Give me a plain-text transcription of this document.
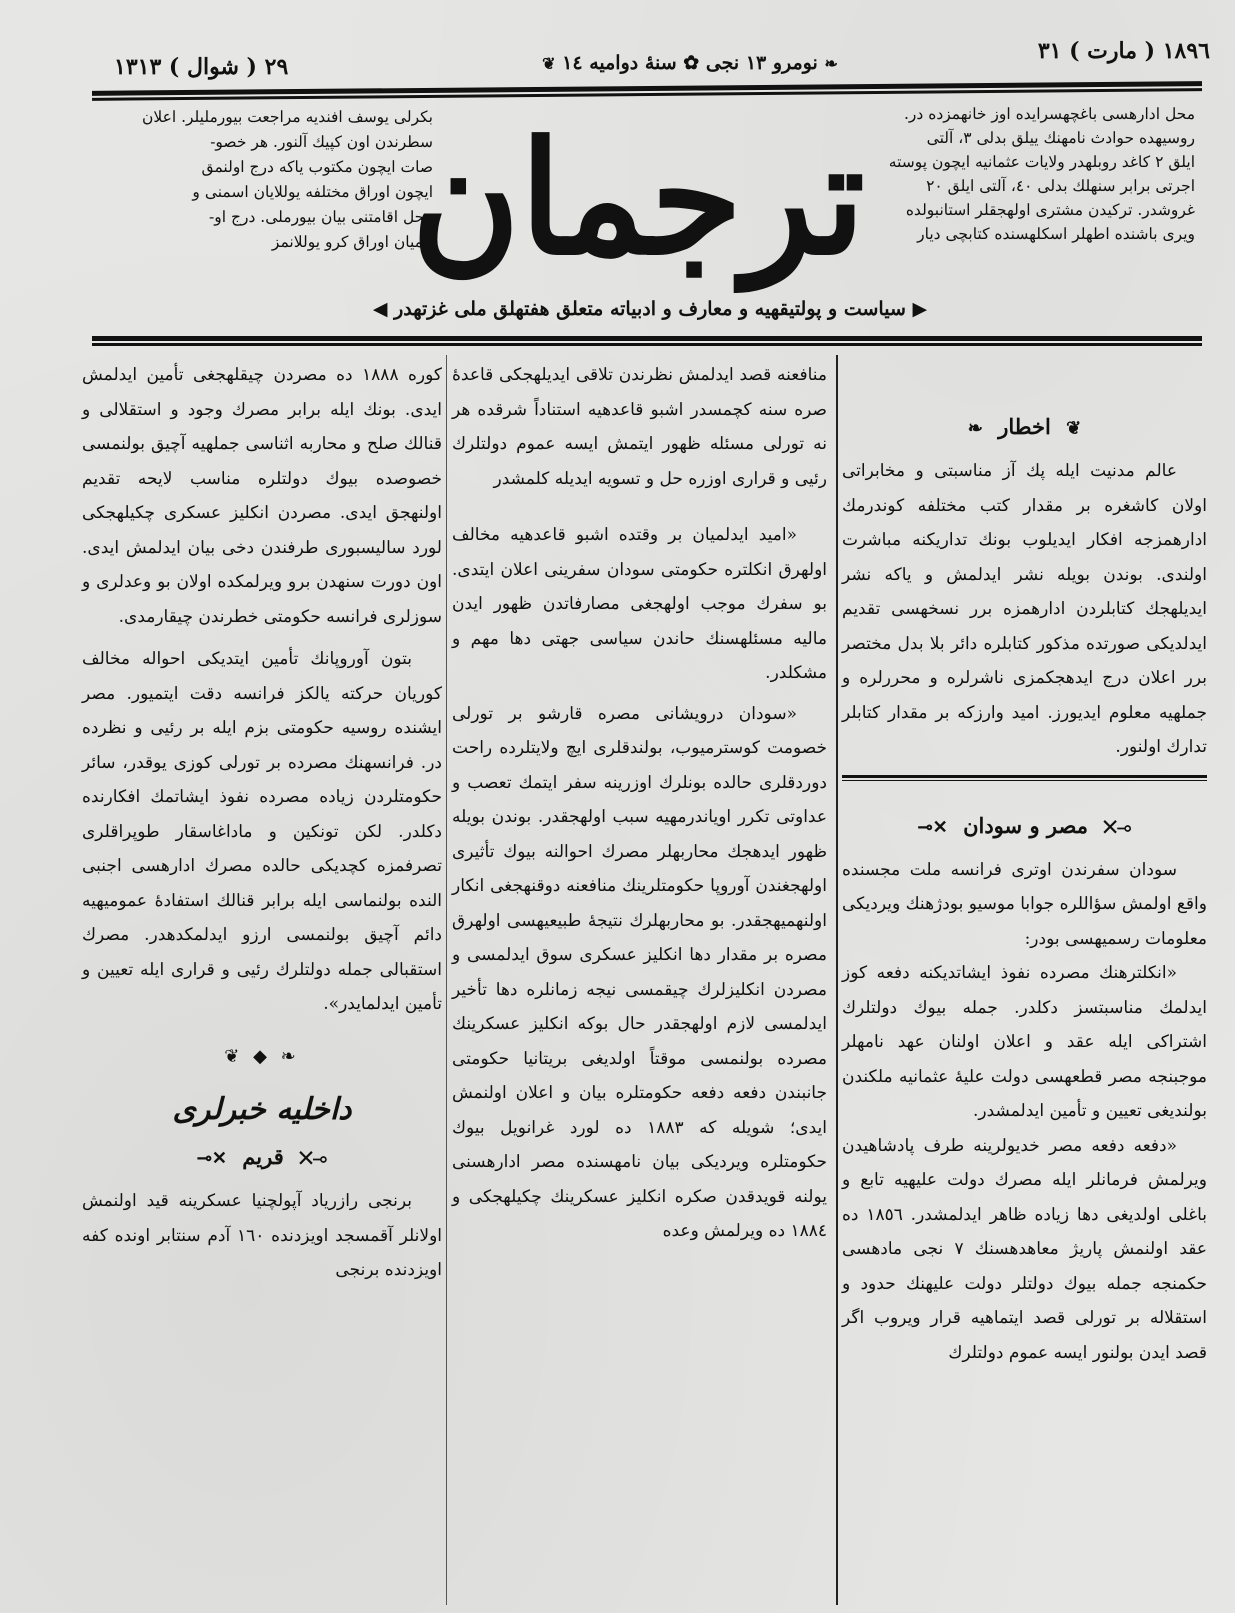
١٨٩٦ ( مارت ) ٣١
❧ نومرو ١٣ نجى ✿ سنهٔ دواميه ١٤ ❦
٢٩ ( شوال ) ١٣١٣
محل ادارهسی باغچهسرایده اوز خانهمزده در.
روسیهده حوادث نامهنك ییلق بدلی ٣، آلتی
ایلق ٢ كاغد روبلهدر ولایات عثمانیه ایچون پوسته
اجرتی برابر سنهلك بدلی ٤٠، آلتی ایلق ٢٠
غروشدر. تركیدن مشتری اولهجقلر استانبولده
ویری باشنده اطهلر اسكلهسنده كتابچی دیار
ترجمان
بكرلی یوسف افندیه مراجعت بیورملیلر. اعلان
سطرندن اون كپیك آلنور. هر خصو-
صات ایچون مكتوب یاكه درج اولنمق
ایچون اوراق مختلفه یوللایان اسمنی و
محل اقامتنی بیان بیورملی. درج او-
لنمیان اوراق كرو یوللانمز
▶ سیاست و پولتیقهیه و معارف و ادبیاته متعلق هفتهلق ملی غزتهدر ◀
❦ اخطار ❧

عالم مدنیت ایله پك آز مناسبتی و مخابراتی اولان كاشغره بر مقدار كتب مختلفه كوندرمك ادارهمزجه افكار ایدیلوب بونك تداریكنه مباشرت اولندی. بوندن بویله نشر ایدلمش و یاكه نشر ایدیلهجك كتابلردن ادارهمزه برر نسخهسی تقدیم ایدلدیكی صورتده مذكور كتابلره دائر بلا بدل مختصر برر اعلان درج ایدهجكمزی ناشرلره و محررلره و جملهیه معلوم ایدیورز. امید وارزكه بر مقدار كتابلر تدارك اولنور.

⟜✕ مصر و سودان ✕⊸

سودان سفرندن اوتری فرانسه ملت مجسنده واقع اولمش سؤاللره جوابا موسیو بودژهنك ویردیكی معلومات رسمیهسی بودر:

«انكلترهنك مصرده نفوذ ایشاتدیكنه دفعه كوز ایدلمك مناسبتسز دكلدر. جمله بیوك دولتلرك اشتراكی ایله عقد و اعلان اولنان عهد نامهلر موجبنجه مصر قطعهسی دولت علیهٔ عثمانیه ملكندن بولندیغی تعیین و تأمین ایدلمشدر.

«دفعه دفعه مصر خدیولرینه طرف پادشاهیدن ویرلمش فرمانلر ایله مصرك دولت علیهیه تابع و باغلی اولدیغی دها زیاده ظاهر ایدلمشدر. ١٨٥٦ ده عقد اولنمش پاریژ معاهدهسنك ٧ نجی مادهسی حكمنجه جمله بیوك دولتلر دولت علیهنك حدود و استقلاله بر تورلی قصد ایتماهیه قرار ویروب اگر قصد ایدن بولنور ایسه عموم دولتلرك

منافعنه قصد ایدلمش نظرندن تلاقی ایدیلهجكی قاعدهٔ صره سنه كچمسدر اشبو قاعدهیه استناداً شرقده هر نه تورلی مسئله ظهور ایتمش ایسه عموم دولتلرك رئیی و قراری اوزره حل و تسویه ایدیله كلمشدر

«امید ایدلمیان بر وقتده اشبو قاعدهیه مخالف اولهرق انكلتره حكومتی سودان سفرینی اعلان ایتدی. بو سفرك موجب اولهجغی مصارفاتدن ظهور ایدن مالیه مسئلهسنك حاندن سیاسی جهتی دها مهم و مشكلدر.

«سودان درویشانی مصره قارشو بر تورلی خصومت كوسترمیوب، بولندقلری ایچ ولایتلرده راحت دوردقلری حالده بونلرك اوزرینه سفر ایتمك تعصب و عداوتی تكرر اویاندرمهیه سبب اولهجقدر. بوندن بویله ظهور ایدهجك محاربهلر مصرك احوالنه بیوك تأثیری اولهجغندن آوروپا حكومتلرینك منافعنه دوقنهجغی انكار اولنهمیهجقدر. بو محاربهلرك نتیجهٔ طبیعیهسی اولهرق مصره بر مقدار دها انكلیز عسكری سوق ایدلمسی و مصردن انكلیزلرك چیقمسی نیجه زمانلره دها تأخیر ایدلمسی لازم اولهجقدر حال بوكه انكلیز عسكرینك مصرده بولنمسی موقتاً اولدیغی بریتانیا حكومتی جانبندن دفعه دفعه حكومتلره بیان و اعلان اولنمش ایدی؛ شویله كه ١٨٨٣ ده لورد غرانویل بیوك حكومتلره ویردیكی بیان نامهسنده مصر ادارهسنی یولنه قویدقدن صكره انكلیز عسكرینك چكیلهجكی و ١٨٨٤ ده ویرلمش وعده

كوره ١٨٨٨ ده مصردن چیقلهجغی تأمین ایدلمش ایدی. بونك ایله برابر مصرك وجود و استقلالی و قنالك صلح و محاربه اثناسی جملهیه آچیق بولنمسی خصوصده بیوك دولتلره مناسب لایحه تقدیم اولنهجق ایدی. مصردن انكلیز عسكری چكیلهجكی لورد سالیسبوری طرفندن دخی بیان ایدلمش ایدی. اون دورت سنهدن برو ویرلمكده اولان بو وعدلری و سوزلری فرانسه حكومتی خطرندن چیقارمدی.

بتون آوروپانك تأمین ایتدیكی احواله مخالف كوریان حركته یالكز فرانسه دقت ایتمیور. مصر ایشنده روسیه حكومتی بزم ایله بر رئیی و نظرده در. فرانسهنك مصرده بر تورلی كوزی یوقدر، سائر حكومتلردن زیاده مصرده نفوذ ایشاتمك افكارنده دكلدر. لكن تونكین و ماداغاسقار طوپراقلری تصرفمزه كچدیكی حالده مصرك ادارهسی اجنبی النده بولنماسی ایله برابر قنالك استفادهٔ عمومیهیه دائم آچیق بولنمسی ارزو ایدلمكدهدر. مصرك استقبالی جمله دولتلرك رئیی و قراری ایله تعیین و تأمین ایدلمایدر».

❧ ◆ ❦
داخلیه خبرلری
⟜✕ قریم ✕⊸

برنجی رازریاد آپولچنیا عسكرینه قید اولنمش اولانلر آقمسجد اویزدنده ١٦٠ آدم سنتابر اونده كفه اویزدنده برنجی
